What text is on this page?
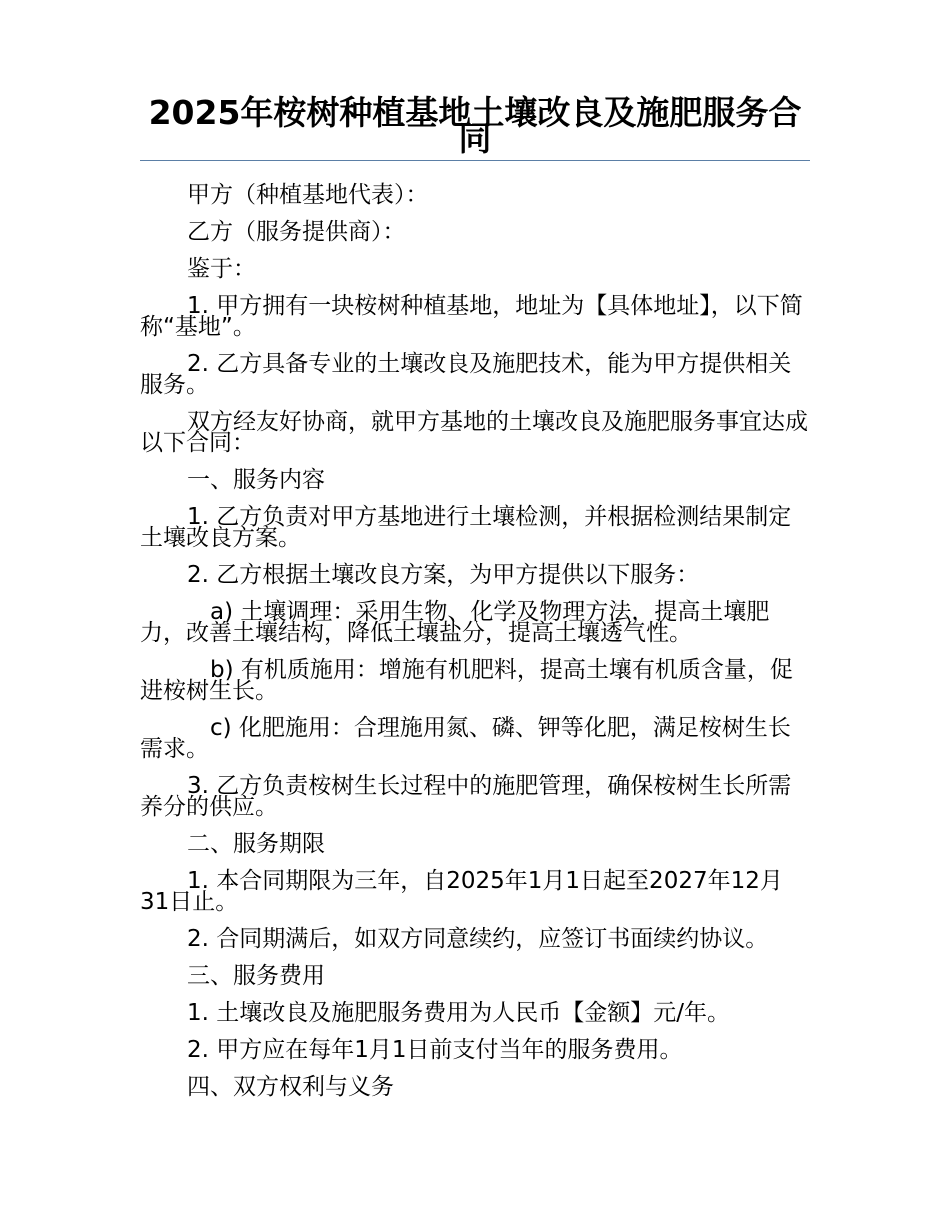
2025年桉树种植基地土壤改良及施肥服务合同

甲方（种植基地代表）：

乙方（服务提供商）：

鉴于：

1. 甲方拥有一块桉树种植基地，地址为【具体地址】，以下简称“基地”。

2. 乙方具备专业的土壤改良及施肥技术，能为甲方提供相关服务。

双方经友好协商，就甲方基地的土壤改良及施肥服务事宜达成以下合同：

一、服务内容

1. 乙方负责对甲方基地进行土壤检测，并根据检测结果制定土壤改良方案。

2. 乙方根据土壤改良方案，为甲方提供以下服务：

a) 土壤调理：采用生物、化学及物理方法，提高土壤肥力，改善土壤结构，降低土壤盐分，提高土壤透气性。

b) 有机质施用：增施有机肥料，提高土壤有机质含量，促进桉树生长。

c) 化肥施用：合理施用氮、磷、钾等化肥，满足桉树生长需求。

3. 乙方负责桉树生长过程中的施肥管理，确保桉树生长所需养分的供应。

二、服务期限

1. 本合同期限为三年，自2025年1月1日起至2027年12月31日止。

2. 合同期满后，如双方同意续约，应签订书面续约协议。

三、服务费用

1. 土壤改良及施肥服务费用为人民币【金额】元/年。

2. 甲方应在每年1月1日前支付当年的服务费用。

四、双方权利与义务
